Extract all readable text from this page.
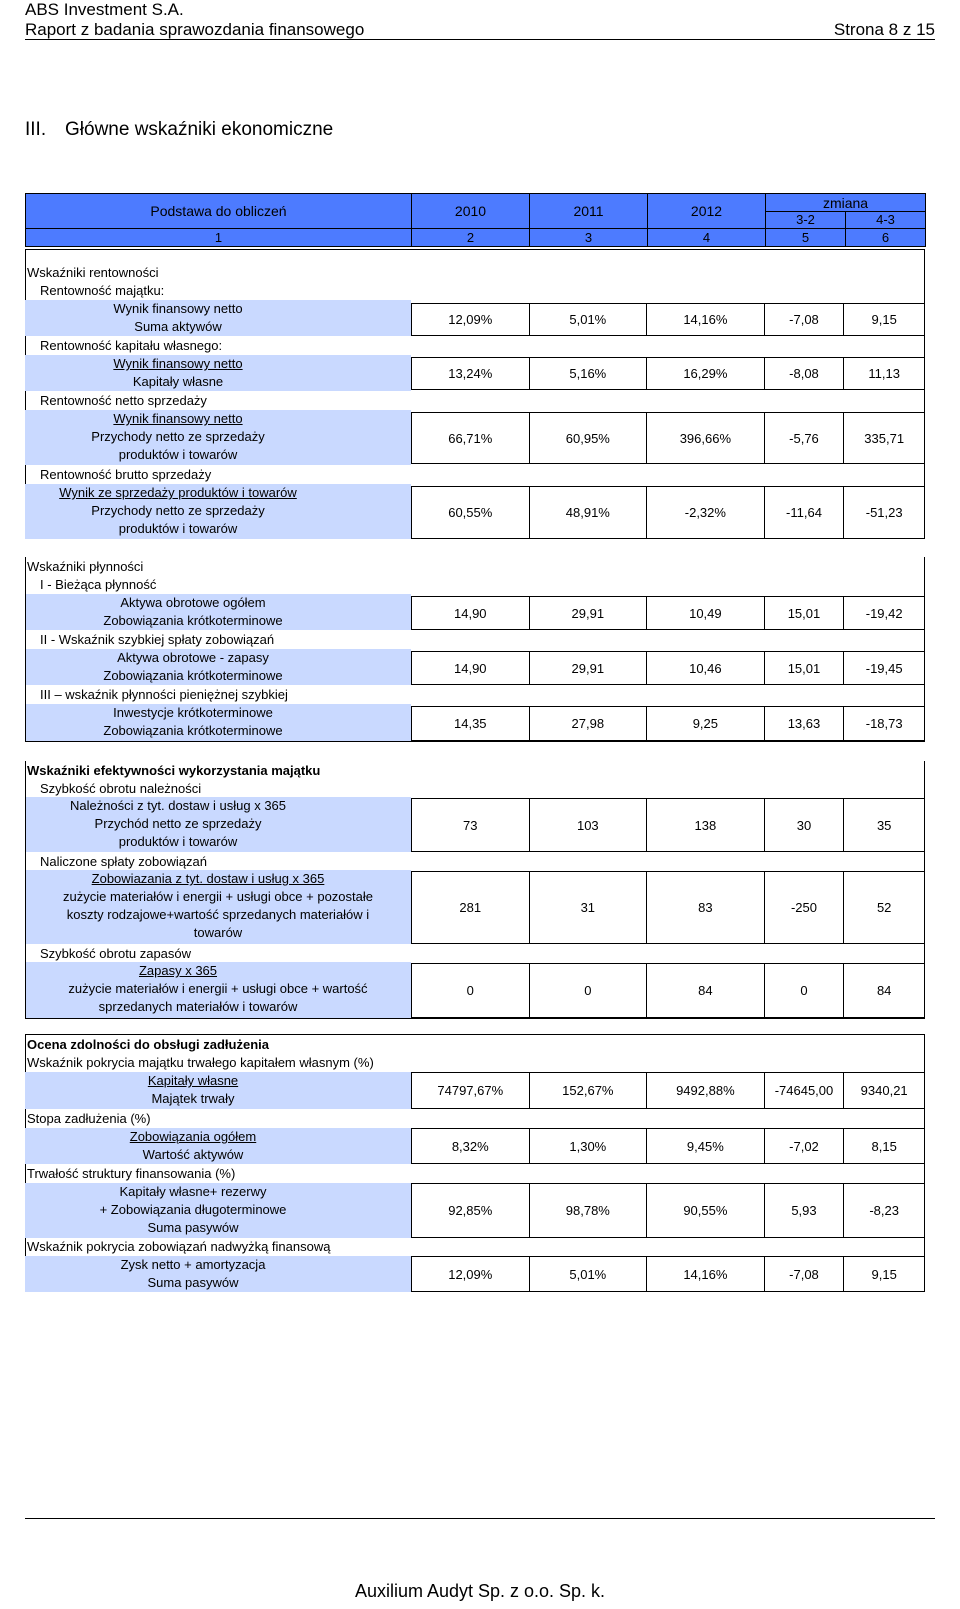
ABS Investment S.A.
Raport z badania sprawozdania finansowego	Strona 8 z 15
III. Główne wskaźniki ekonomiczne
Podstawa do obliczeń	2010	2011	2012	zmiana	
				3-2	4-3
1	2	3	4	5	6
Wskaźniki rentowności
Rentowność majątku:
Wynik finansowy netto
Suma aktywów	12,09%	5,01%	14,16%	-7,08	9,15
Rentowność kapitału własnego:
Wynik finansowy netto
Kapitały własne
13,24%	5,16%	16,29%	-8,08	11,13
Rentowność netto sprzedaży
Wynik finansowy netto
Przychody netto ze sprzedaży
produktów i towarów
66,71%	60,95%	396,66%	-5,76	335,71
Rentowność brutto sprzedaży
Wynik ze sprzedaży produktów i towarów
Przychody netto ze sprzedaży
produktów i towarów
60,55%	48,91%	-2,32%	-11,64	-51,23
Wskaźniki płynności
I - Bieżąca płynność
Aktywa obrotowe ogółem
Zobowiązania krótkoterminowe	14,90	29,91	10,49	15,01	-19,42
II - Wskaźnik szybkiej spłaty zobowiązań
Aktywa obrotowe - zapasy
Zobowiązania krótkoterminowe	14,90	29,91	10,46	15,01	-19,45
III – wskaźnik płynności pieniężnej szybkiej
Inwestycje krótkoterminowe
Zobowiązania krótkoterminowe	14,35	27,98	9,25	13,63	-18,73
Wskaźniki efektywności wykorzystania majątku
Szybkość obrotu należności
Należności z tyt. dostaw i usług x 365
Przychód netto ze sprzedaży
produktów i towarów
73	103	138	30	35
Naliczone spłaty zobowiązań
Zobowiazania z tyt. dostaw i usług x 365
zużycie materiałów i energii + usługi obce + pozostałe
koszty rodzajowe+wartość sprzedanych materiałów i
towarów
281	31	83	-250	52
Szybkość obrotu zapasów
Zapasy x 365
zużycie materiałów i energii + usługi obce + wartość
sprzedanych materiałów i towarów
0	0	84	0	84
Ocena zdolności do obsługi zadłużenia
Wskaźnik pokrycia majątku trwałego kapitałem własnym (%)
Kapitały własne
Majątek trwały
74797,67%	152,67%	9492,88%	-74645,00	9340,21
Stopa zadłużenia (%)
Zobowiązania ogółem
Wartość aktywów
8,32%	1,30%	9,45%	-7,02	8,15
Trwałość struktury finansowania (%)
Kapitały własne+ rezerwy
+ Zobowiązania długoterminowe
Suma pasywów
92,85%	98,78%	90,55%	5,93	-8,23
Wskaźnik pokrycia zobowiązań nadwyżką finansową
Zysk netto + amortyzacja
Suma pasywów
12,09%	5,01%	14,16%	-7,08	9,15
Auxilium Audyt Sp. z o.o. Sp. k.
